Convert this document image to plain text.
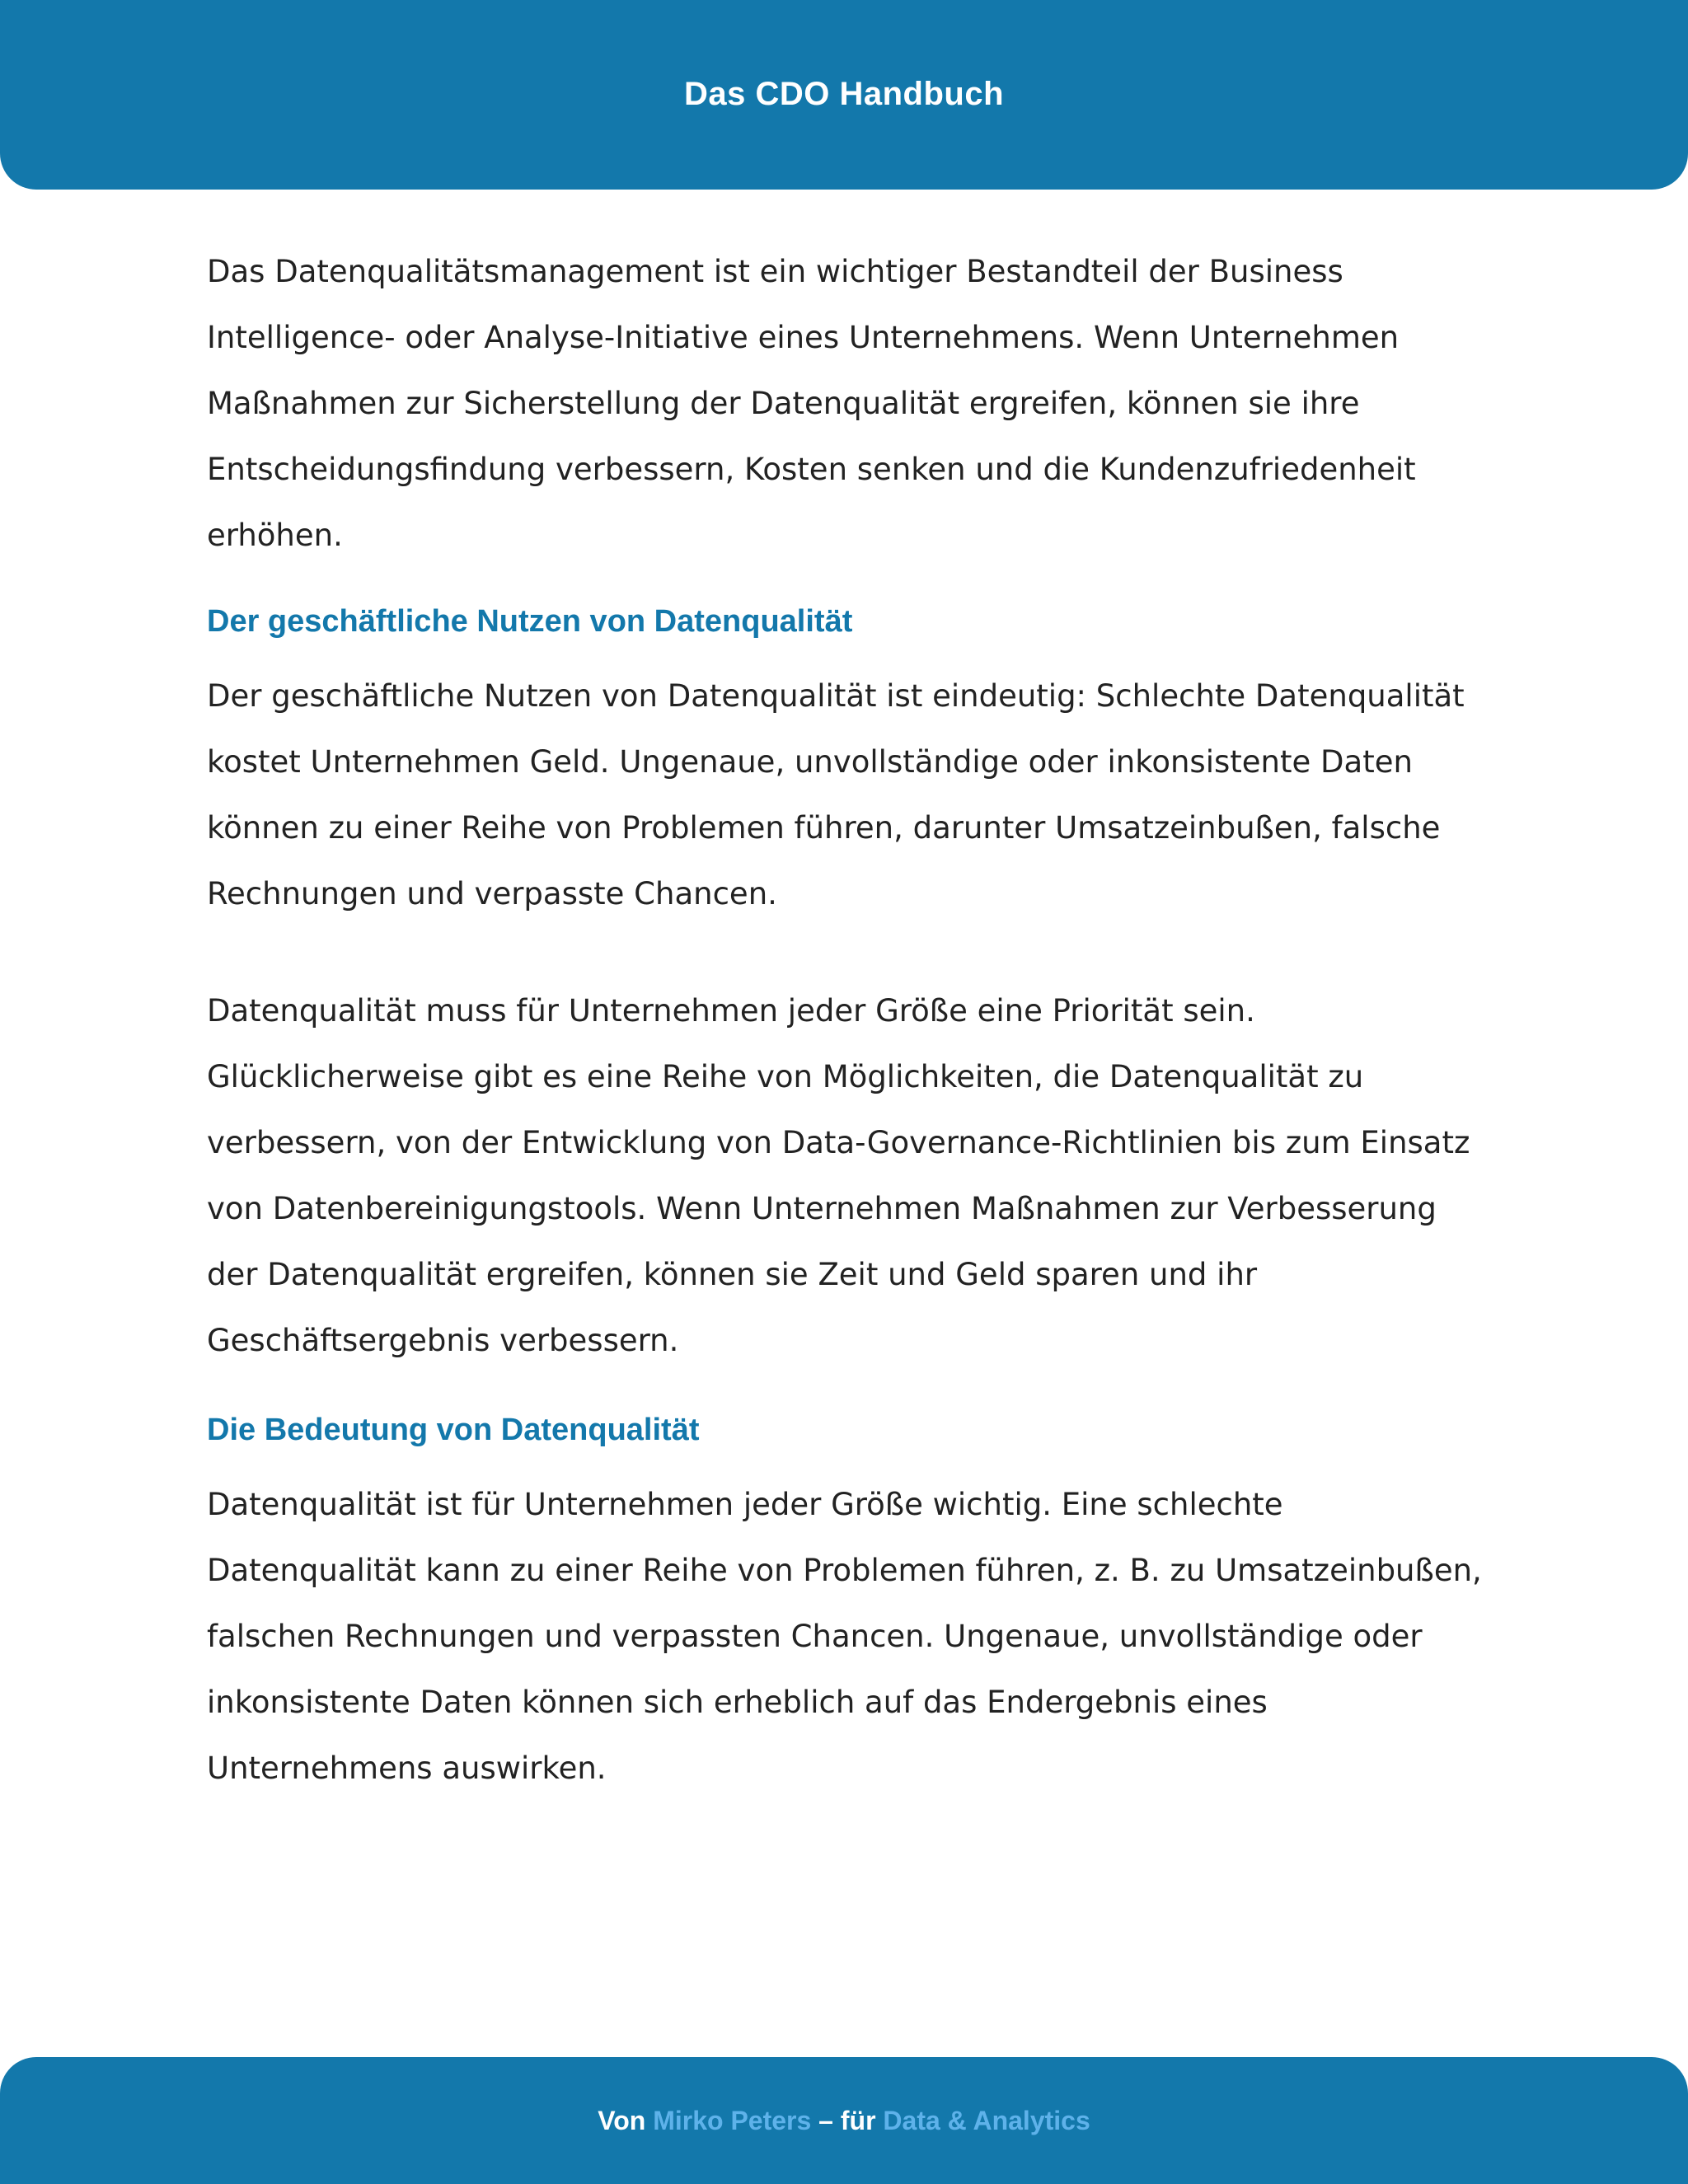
Das CDO Handbuch

Das Datenqualitätsmanagement ist ein wichtiger Bestandteil der Business Intelligence- oder Analyse-Initiative eines Unternehmens. Wenn Unternehmen Maßnahmen zur Sicherstellung der Datenqualität ergreifen, können sie ihre Entscheidungsfindung verbessern, Kosten senken und die Kundenzufriedenheit erhöhen.

Der geschäftliche Nutzen von Datenqualität

Der geschäftliche Nutzen von Datenqualität ist eindeutig: Schlechte Datenqualität kostet Unternehmen Geld. Ungenaue, unvollständige oder inkonsistente Daten können zu einer Reihe von Problemen führen, darunter Umsatzeinbußen, falsche Rechnungen und verpasste Chancen.

Datenqualität muss für Unternehmen jeder Größe eine Priorität sein. Glücklicherweise gibt es eine Reihe von Möglichkeiten, die Datenqualität zu verbessern, von der Entwicklung von Data-Governance-Richtlinien bis zum Einsatz von Datenbereinigungstools. Wenn Unternehmen Maßnahmen zur Verbesserung der Datenqualität ergreifen, können sie Zeit und Geld sparen und ihr Geschäftsergebnis verbessern.

Die Bedeutung von Datenqualität

Datenqualität ist für Unternehmen jeder Größe wichtig. Eine schlechte Datenqualität kann zu einer Reihe von Problemen führen, z. B. zu Umsatzeinbußen, falschen Rechnungen und verpassten Chancen. Ungenaue, unvollständige oder inkonsistente Daten können sich erheblich auf das Endergebnis eines Unternehmens auswirken.

Von Mirko Peters – für Data & Analytics
